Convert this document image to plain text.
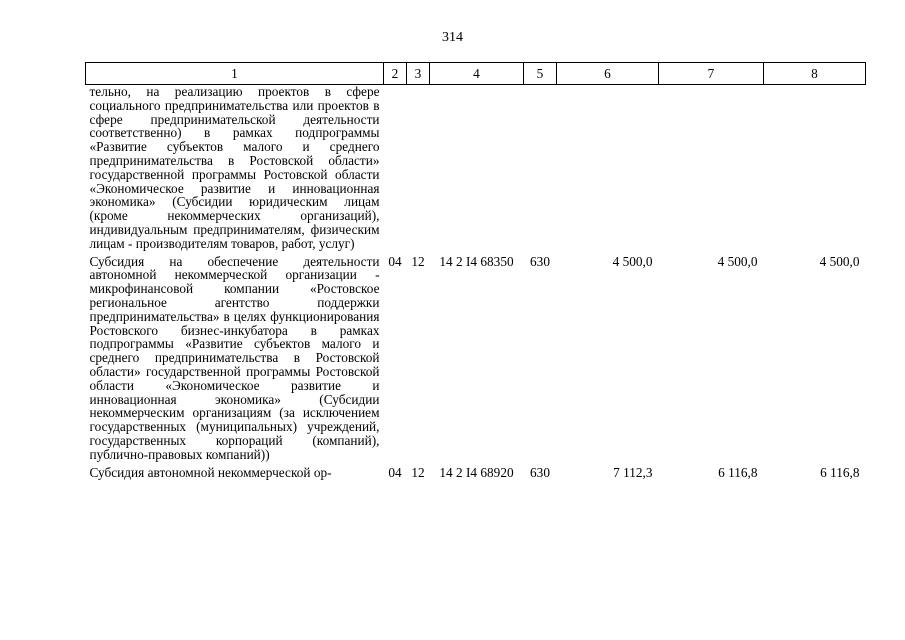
314
1	2	3	4	5	6	7	8
тельно, на реализацию проектов в сфере социального предпринимательства или проектов в сфере предпринимательской деятельности соответственно) в рамках подпрограммы «Развитие субъектов малого и среднего предпринимательства в Ростовской области» государственной программы Ростовской области «Экономическое развитие и инновационная экономика» (Субсидии юридическим лицам (кроме некоммерческих организаций), индивидуальным предпринимателям, физическим лицам - производителям товаров, работ, услуг)							

Субсидия на обеспечение деятельности автономной некоммерческой организации - микрофинансовой компании «Ростовское региональное агентство поддержки предпринимательства» в целях функционирования Ростовского бизнес-инкубатора в рамках подпрограммы «Развитие субъектов малого и среднего предпринимательства в Ростовской области» государственной программы Ростовской области «Экономическое развитие и инновационная экономика» (Субсидии некоммерческим организациям (за исключением государственных (муниципальных) учреждений, государственных корпораций (компаний), публично-правовых компаний))	04	12	14 2 I4 68350	630	4 500,0	4 500,0	4 500,0

Субсидия автономной некоммерческой ор-	04	12	14 2 I4 68920	630	7 112,3	6 116,8	6 116,8
